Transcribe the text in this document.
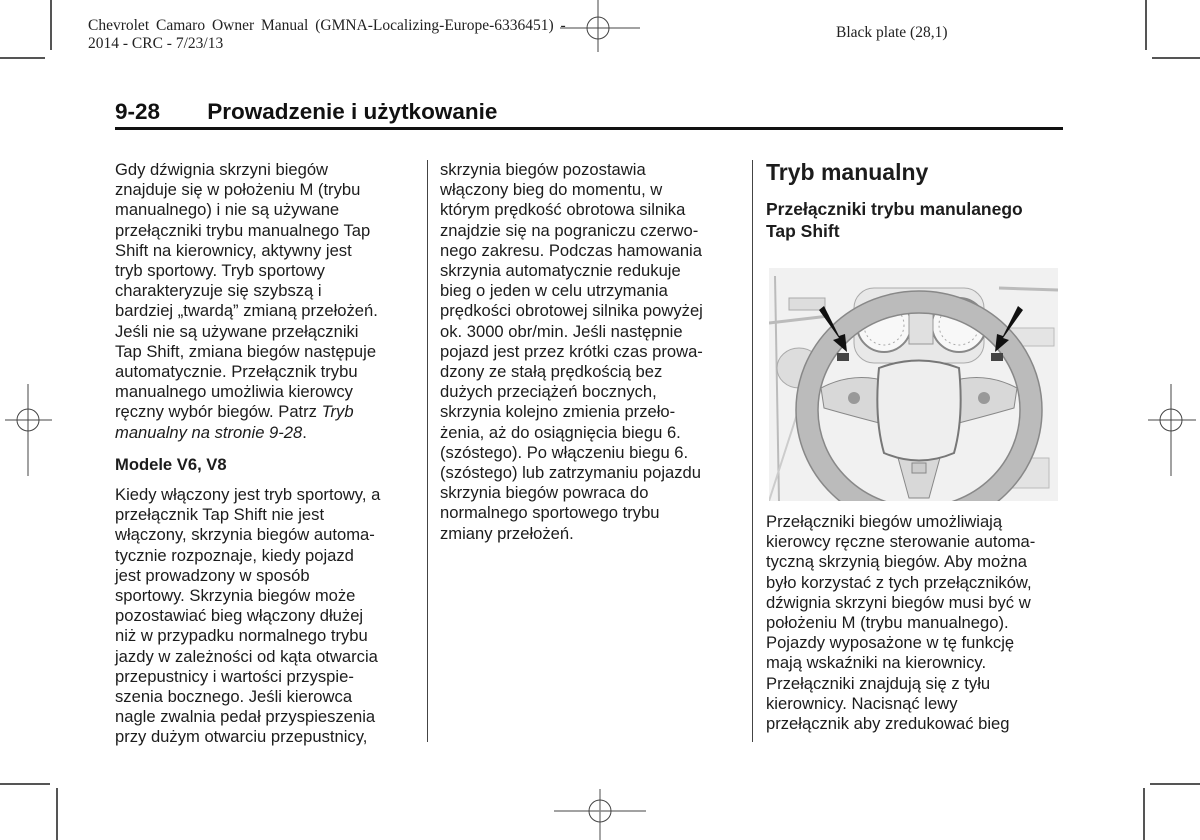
Chevrolet Camaro Owner Manual (GMNA-Localizing-Europe-6336451) -
2014 - CRC - 7/23/13
Black plate (28,1)
9-28 Prowadzenie i użytkowanie

Gdy dźwignia skrzyni biegów
znajduje się w położeniu M (trybu
manualnego) i nie są używane
przełączniki trybu manualnego Tap
Shift na kierownicy, aktywny jest
tryb sportowy. Tryb sportowy
charakteryzuje się szybszą i
bardziej „twardą” zmianą przełożeń.
Jeśli nie są używane przełączniki
Tap Shift, zmiana biegów następuje
automatycznie. Przełącznik trybu
manualnego umożliwia kierowcy
ręczny wybór biegów. Patrz Tryb
manualny na stronie 9-28.

Modele V6, V8

Kiedy włączony jest tryb sportowy, a
przełącznik Tap Shift nie jest
włączony, skrzynia biegów automa-
tycznie rozpoznaje, kiedy pojazd
jest prowadzony w sposób
sportowy. Skrzynia biegów może
pozostawiać bieg włączony dłużej
niż w przypadku normalnego trybu
jazdy w zależności od kąta otwarcia
przepustnicy i wartości przyspie-
szenia bocznego. Jeśli kierowca
nagle zwalnia pedał przyspieszenia
przy dużym otwarciu przepustnicy,

skrzynia biegów pozostawia
włączony bieg do momentu, w
którym prędkość obrotowa silnika
znajdzie się na pograniczu czerwo-
nego zakresu. Podczas hamowania
skrzynia automatycznie redukuje
bieg o jeden w celu utrzymania
prędkości obrotowej silnika powyżej
ok. 3000 obr/min. Jeśli następnie
pojazd jest przez krótki czas prowa-
dzony ze stałą prędkością bez
dużych przeciążeń bocznych,
skrzynia kolejno zmienia przeło-
żenia, aż do osiągnięcia biegu 6.
(szóstego). Po włączeniu biegu 6.
(szóstego) lub zatrzymaniu pojazdu
skrzynia biegów powraca do
normalnego sportowego trybu
zmiany przełożeń.

Tryb manualny
Przełączniki trybu manulanego
Tap Shift

Przełączniki biegów umożliwiają
kierowcy ręczne sterowanie automa-
tyczną skrzynią biegów. Aby można
było korzystać z tych przełączników,
dźwignia skrzyni biegów musi być w
położeniu M (trybu manualnego).
Pojazdy wyposażone w tę funkcję
mają wskaźniki na kierownicy.
Przełączniki znajdują się z tyłu
kierownicy. Nacisnąć lewy
przełącznik aby zredukować bieg
